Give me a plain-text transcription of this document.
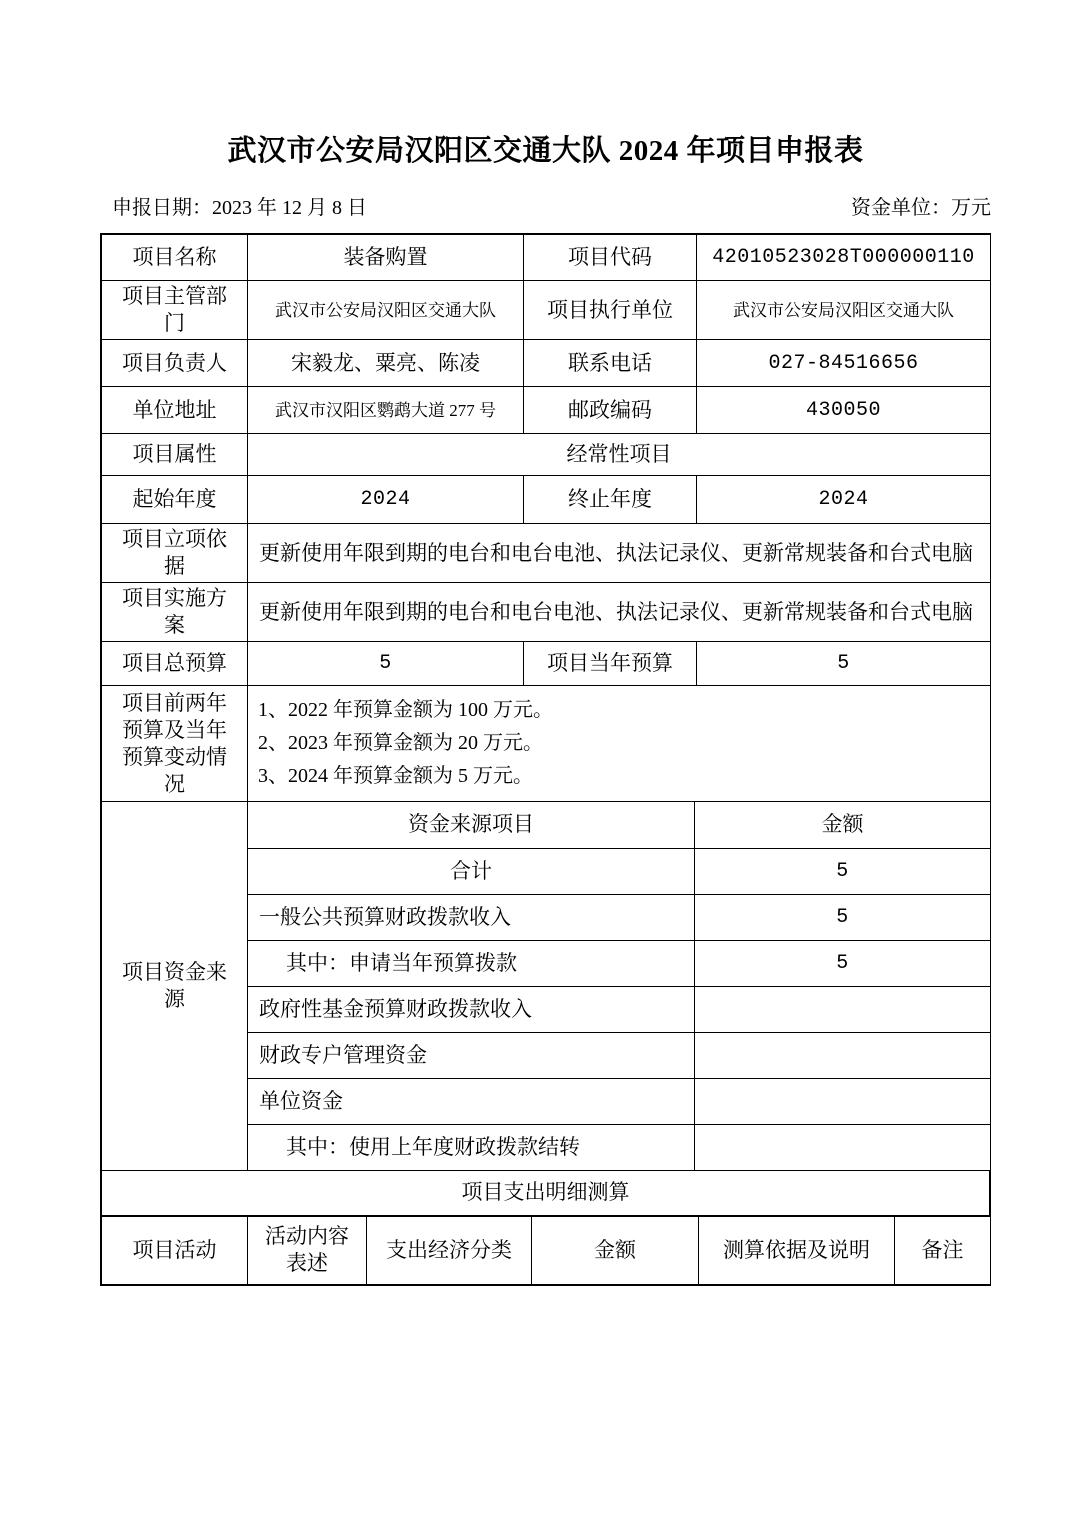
武汉市公安局汉阳区交通大队 2024 年项目申报表
申报日期：2023 年 12 月 8 日	资金单位：万元
项目名称	装备购置	项目代码	42010523028T000000110
项目主管部门	武汉市公安局汉阳区交通大队	项目执行单位	武汉市公安局汉阳区交通大队
项目负责人	宋毅龙、粟亮、陈凌	联系电话	027-84516656
单位地址	武汉市汉阳区鹦鹉大道 277 号	邮政编码	430050
项目属性	经常性项目		
起始年度	2024	终止年度	2024
项目立项依据	更新使用年限到期的电台和电台电池、执法记录仪、更新常规装备和台式电脑		
项目实施方案	更新使用年限到期的电台和电台电池、执法记录仪、更新常规装备和台式电脑		
项目总预算	5	项目当年预算	5
项目前两年预算及当年预算变动情况	1、2022 年预算金额为 100 万元。
2、2023 年预算金额为 20 万元。
3、2024 年预算金额为 5 万元。		
项目资金来源	资金来源项目	金额
	合计	5
	一般公共预算财政拨款收入	5
	其中：申请当年预算拨款	5
	政府性基金预算财政拨款收入	
	财政专户管理资金	
	单位资金	
	其中：使用上年度财政拨款结转	
项目支出明细测算
项目活动	活动内容表述	支出经济分类	金额	测算依据及说明	备注
